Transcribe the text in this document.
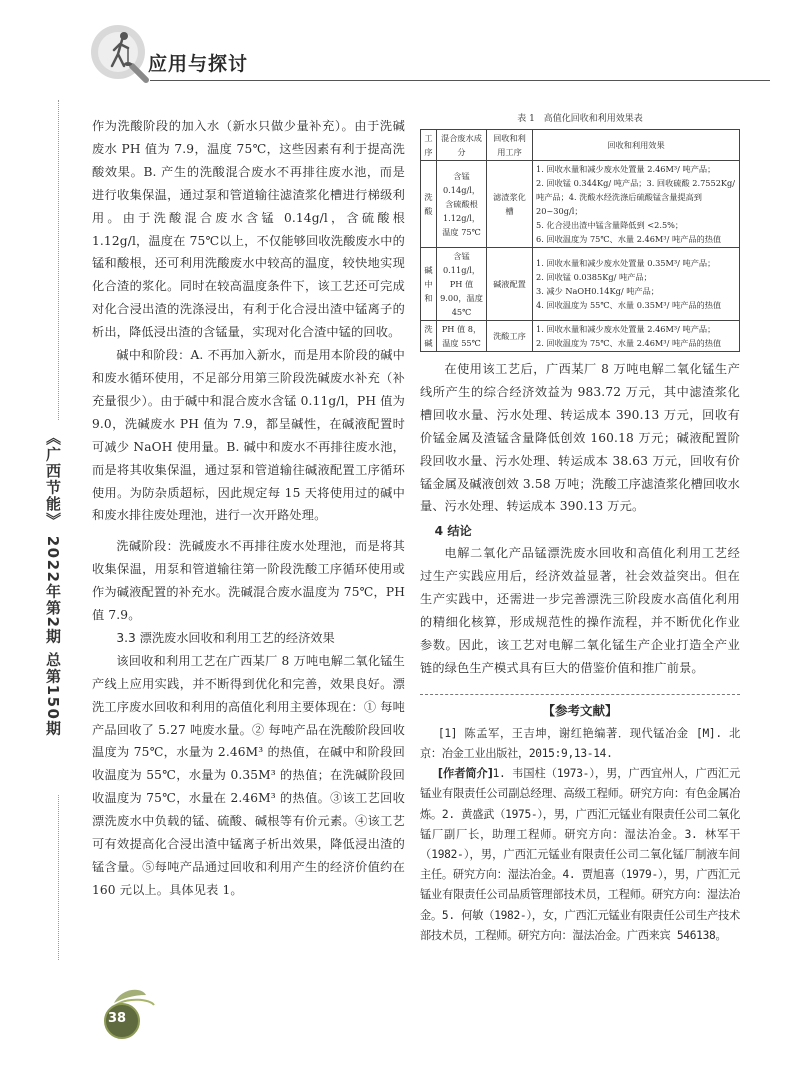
应用与探讨
《广西节能》 2022年第2期 总第150期

作为洗酸阶段的加入水（新水只做少量补充）。由于洗碱废水 PH 值为 7.9，温度 75℃，这些因素有利于提高洗酸效果。B. 产生的洗酸混合废水不再排往废水池，而是进行收集保温，通过泵和管道输往滤渣浆化槽进行梯级利用。由于洗酸混合废水含锰 0.14g/l，含硫酸根 1.12g/l，温度在 75℃以上，不仅能够回收洗酸废水中的锰和酸根，还可利用洗酸废水中较高的温度，较快地实现化合渣的浆化。同时在较高温度条件下，该工艺还可完成对化合浸出渣的洗涤浸出，有利于化合浸出渣中锰离子的析出，降低浸出渣的含锰量，实现对化合渣中锰的回收。

碱中和阶段：A. 不再加入新水，而是用本阶段的碱中和废水循环使用，不足部分用第三阶段洗碱废水补充（补充量很少）。由于碱中和混合废水含锰 0.11g/l，PH 值为 9.0，洗碱废水 PH 值为 7.9，都呈碱性，在碱液配置时可减少 NaOH 使用量。B. 碱中和废水不再排往废水池，而是将其收集保温，通过泵和管道输往碱液配置工序循环使用。为防杂质超标，因此规定每 15 天将使用过的碱中和废水排往废处理池，进行一次开路处理。

洗碱阶段：洗碱废水不再排往废水处理池，而是将其收集保温，用泵和管道输往第一阶段洗酸工序循环使用或作为碱液配置的补充水。洗碱混合废水温度为 75℃，PH 值 7.9。

3.3 漂洗废水回收和利用工艺的经济效果

该回收和利用工艺在广西某厂 8 万吨电解二氧化锰生产线上应用实践，并不断得到优化和完善，效果良好。漂洗工序废水回收和利用的高值化利用主要体现在：① 每吨产品回收了 5.27 吨废水量。② 每吨产品在洗酸阶段回收温度为 75℃，水量为 2.46M³ 的热值，在碱中和阶段回收温度为 55℃，水量为 0.35M³ 的热值；在洗碱阶段回收温度为 75℃，水量在 2.46M³ 的热值。③该工艺回收漂洗废水中负载的锰、硫酸、碱根等有价元素。④该工艺可有效提高化合浸出渣中锰离子析出效果，降低浸出渣的锰含量。⑤每吨产品通过回收和利用产生的经济价值约在 160 元以上。具体见表 1。

表 1　高值化回收和利用效果表
工序	混合废水成分	回收和利用工序	回收和利用效果
洗酸	含锰 0.14g/l，含硫酸根 1.12g/l，温度 75℃	滤渣浆化槽	1. 回收水量和减少废水处置量 2.46M³/ 吨产品；
2. 回收锰 0.344Kg/ 吨产品；3. 回收硫酸 2.7552Kg/ 吨产品；4. 洗酸水经洗涤后硫酸锰含量提高到 20~30g/l；
5. 化合浸出渣中锰含量降低到 <2.5%；
6. 回收温度为 75℃、水量 2.46M³/ 吨产品的热值

碱中和	含锰 0.11g/l，PH 值 9.00，温度 45℃	碱液配置	1. 回收水量和减少废水处置量 0.35M³/ 吨产品；
2. 回收锰 0.0385Kg/ 吨产品；
3. 减少 NaOH0.14Kg/ 吨产品；
4. 回收温度为 55℃、水量 0.35M³/ 吨产品的热值

洗碱	PH 值 8，温度 55℃	洗酸工序	1. 回收水量和减少废水处置量 2.46M³/ 吨产品；
2. 回收温度为 75℃、水量 2.46M³/ 吨产品的热值

在使用该工艺后，广西某厂 8 万吨电解二氧化锰生产线所产生的综合经济效益为 983.72 万元，其中滤渣浆化槽回收水量、污水处理、转运成本 390.13 万元，回收有价锰金属及渣锰含量降低创效 160.18 万元；碱液配置阶段回收水量、污水处理、转运成本 38.63 万元，回收有价锰金属及碱液创效 3.58 万吨；洗酸工序滤渣浆化槽回收水量、污水处理、转运成本 390.13 万元。

4 结论

电解二氧化产品锰漂洗废水回收和高值化利用工艺经过生产实践应用后，经济效益显著，社会效益突出。但在生产实践中，还需进一步完善漂洗三阶段废水高值化利用的精细化核算，形成规范性的操作流程，并不断优化作业参数。因此，该工艺对电解二氧化锰生产企业打造全产业链的绿色生产模式具有巨大的借鉴价值和推广前景。

【参考文献】

[1] 陈孟军，王吉坤，谢红艳编著．现代锰冶金 [M]. 北京：冶金工业出版社，2015:9,13-14.

[作者简介]1. 韦国柱（1973-），男，广西宜州人，广西汇元锰业有限责任公司副总经理、高级工程师。研究方向：有色金属冶炼。2. 黄盛武（1975-），男，广西汇元锰业有限责任公司二氧化锰厂副厂长，助理工程师。研究方向：湿法冶金。3. 林军干（1982-），男，广西汇元锰业有限责任公司二氧化锰厂制液车间主任。研究方向：湿法冶金。4. 贾旭喜（1979-），男，广西汇元锰业有限责任公司品质管理部技术员，工程师。研究方向：湿法冶金。5. 何敏（1982-），女，广西汇元锰业有限责任公司生产技术部技术员，工程师。研究方向：湿法冶金。广西来宾 546138。

38
